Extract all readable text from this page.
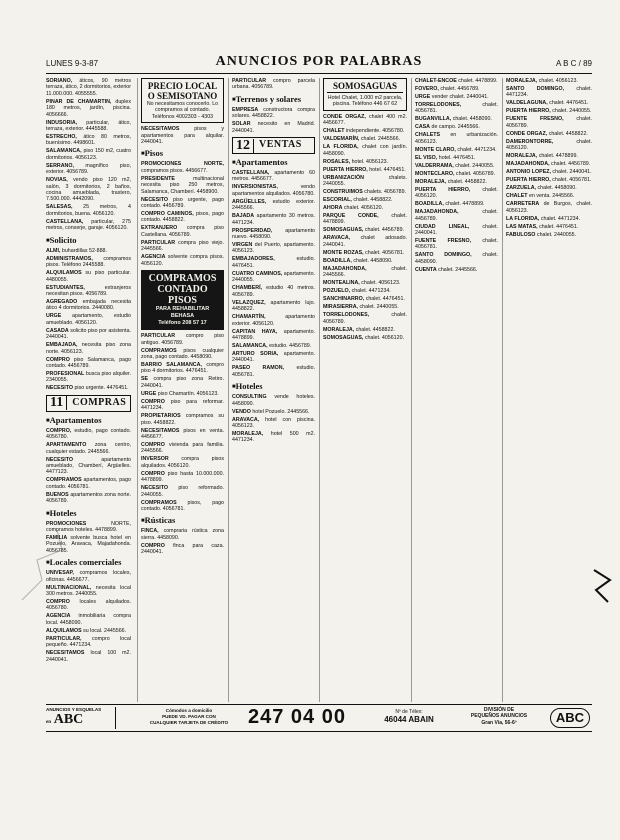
LUNES 9-3-87	ANUNCIOS POR PALABRAS	A B C / 89
SORIANO, áticos, 90 metros terraza, ático, 2 dormitorios, exterior 11.000.000. 4055555.
PINAR DE CHAMARTIN, duplex 180 metros, jardín, piscina. 4056666.
INDUSORIA, particular, ático, terraza, exterior. 4445588.
ESTRECHO, ático 80 metros, buenísimo. 4498601.
SALAMANCA, piso 150 m2, cuatro dormitorios. 4056123.
SERRANO, magnífico piso, exterior. 4056789.
NOVIAS, vendo piso 120 m2, salón, 3 dormitorios, 2 baños, cocina amueblada, trastero, 7.500.000. 4442090.
SALESAS, 25 metros, 4 dormitorios, buena. 4056120.
CASTELLANA, particular, 275 metros, conserje, garaje. 4056120.
■ Solicito
ALMI, buhardillas 52-888.
ADMINISTRAMOS, compramos pisos. Teléfono 2445588.
ALQUILAMOS su piso particular. 4480055.
ESTUDIANTES,	extranjeros necesitan pisos. 4056789.
AGREGADO embajada necesita ático 4 dormitorios. 2440080.
URGE apartamento, estudio amueblado. 4056120.
CASADA solicito piso por asistenta. 2440041.
EMBAJADA, necesita piso zona norte. 4056123.
COMPRO piso Salamanca, pago contado. 4456789.
PROFESIONAL busca piso alquiler. 2340055.
NECESITO piso urgente. 4476451.
11 COMPRAS
■ Apartamentos
COMPRO, estudio, pago contado. 4056780.
APARTAMENTO zona centro, cualquier estado. 2445566.
NECESITO	apartamento amueblado, Chamberí, Argüelles. 4477123.
COMPRAMOS apartamentos, pago contado. 4056781.
BUENOS apartamentos zona norte. 4056789.
■ Hoteles
PROMOCIONES	NORTE, compramos hoteles. 4478899.
FAMILIA solvente busca hotel en Pozuelo, Aravaca, Majadahonda. 4056785.
■ Locales comerciales
UNIVESAP, compramos locales, oficinas. 4456677.
MULTINACIONAL, necesita local 300 metros. 2440055.
COMPRO locales alquilados. 4056780.
AGENCIA inmobiliaria compra local. 4458090.
ALQUILAMOS su local. 2445566.
PARTICULAR, compro local pequeño. 4471234.
NECESITAMOS local 100 m2. 2440041.
PRECIO LOCAL O SEMISOTANO
No necesitamos conocerlo. Lo compramos al contado. Teléfonos 4002303 - 4303
NECESITAMOS	pisos y apartamentos para alquilar. 2440041.
■ Pisos
PROMOCIONES NORTE, compramos pisos. 4456677.
PRESIDENTE	multinacional necesita piso 250 metros, Salamanca, Chamberí. 4458900.
NECESITO piso urgente, pago contado. 4456789.
COMPRO CAMINOS, pisos, pago contado. 4458822.
EXTRANJERO compra piso Castellana. 4056789.
PARTICULAR compra piso viejo. 2445566.
AGENCIA solvente compra pisos. 4056120.
COMPRAMOS CONTADO PISOS
PARA REHABILITAR
BEHASA
Teléfono 208 57 17
PARTICULAR compro piso antiguo. 4056789.
COMPRAMOS pisos cualquier zona, pago contado. 4458090.
BARRIO SALAMANCA, compro piso 4 dormitorios. 4476451.
SE compra piso zona Retiro. 2440041.
URGE piso Chamartín. 4056123.
COMPRO piso para reformar. 4471234.
PROPIETARIOS compramos su piso. 4458822.
NECESITAMOS pisos en venta. 4456677.
COMPRO vivienda para familia. 2445566.
INVERSOR compra pisos alquilados. 4056120.
COMPRO piso hasta 10.000.000. 4478899.
NECESITO piso reformado. 2440055.
COMPRAMOS pisos, pago contado. 4056781.
■ Rústicas
FINCA, compraria rústica zona sierra. 4458090.
COMPRO finca para caza. 2440041.
PARTICULAR compro parcela urbana. 4056789.
■ Terrenos y solares
EMPRESA constructora compra solares. 4458822.
SOLAR necesito en Madrid. 2440041.
12 VENTAS
■ Apartamentos
CASTELLANA, apartamento 60 metros. 4456677.
INVERSIONISTAS,	vendo apartamentos alquilados. 4056780.
ARGÜELLES, estudio exterior. 2445566.
BAJADA apartamento 30 metros. 4471234.
PROSPERIDAD, apartamento nuevo. 4458090.
VIRGEN del Puerto, apartamento. 4056123.
EMBAJADORES,	estudio. 4476451.
CUATRO CAMINOS, apartamento. 2440055.
CHAMBERÍ, estudio 40 metros. 4056789.
VELAZQUEZ, apartamento lujo. 4458822.
CHAMARTÍN,	apartamento exterior. 4056120.
CAPITAN HAYA, apartamento. 4478899.
SALAMANCA, estudio. 4456789.
ARTURO SORIA, apartamento. 2440041.
PASEO RAMON, estudio. 4056781.
■ Hoteles
CONSULTING vende hoteles. 4458090.
VENDO hotel Pozuelo. 2445566.
ARAVACA, hotel con piscina. 4056123.
MORALEJA, hotel 500 m2. 4471234.
SOMOSAGUAS
Hotel Chalet, 1.000 m2 parcela, piscina. Teléfono 446 67 62
CONDE ORGAZ, chalet 400 m2. 4456677.
CHALET independiente. 4056780.
VALDEMARÍN, chalet. 2445566.
LA FLORIDA, chalet con jardín. 4458090.
ROSALES, hotel. 4056123.
PUERTA HIERRO, hotel. 4476451.
URBANIZACIÓN	chalets. 2440055.
CONSTRUIMOS chalets. 4056789.
ESCORIAL, chalet. 4458822.
AHORA chalet. 4056120.
PARQUE CONDE, chalet. 4478899.
SOMOSAGUAS, chalet. 4456789.
ARAVACA, chalet adosado. 2440041.
MONTE ROZAS, chalet. 4056781.
BOADILLA, chalet. 4458090.
MAJADAHONDA,	chalet. 2445566.
MONTEALINA, chalet. 4056123.
POZUELO, chalet. 4471234.
SANCHINARRO, chalet. 4476451.
MIRASIERRA, chalet. 2440055.
TORRELODONES,	chalet. 4056789.
MORALEJA, chalet. 4458822.
SOMOSAGUAS, chalet. 4056120.
CHALET-ENCOE chalet. 4478899.
FOVERO, chalet. 4456789.
URGE vender chalet. 2440041.
TORRELODONES,	chalet. 4056781.
BUGANVILLA, chalet. 4458090.
CASA de campo. 2445566.
CHALETS en urbanización. 4056123.
MONTE CLARO, chalet. 4471234.
EL VISO, hotel. 4476451.
VALDERRAMA, chalet. 2440055.
MONTECLARO, chalet. 4056789.
MORALEJA, chalet. 4458822.
PUERTA HIERRO, chalet. 4056120.
BOADILLA, chalet. 4478899.
MAJADAHONDA,	chalet. 4456789.
CIUDAD LINEAL, chalet. 2440041.
FUENTE FRESNO, chalet. 4056781.
SANTO DOMINGO, chalet. 4458090.
CUENTA chalet. 2445566.
MORALEJA, chalet. 4056123.
SANTO DOMINGO, chalet. 4471234.
VALDELAGUNA, chalet. 4476451.
PUERTA HIERRO, chalet. 2440055.
FUENTE FRESNO, chalet. 4056789.
CONDE ORGAZ, chalet. 4458822.
DAMERONTORRE,	chalet. 4056120.
MORALEJA, chalet. 4478899.
MAJADAHONDA, chalet. 4456789.
ANTONIO LOPEZ, chalet. 2440041.
PUERTA HIERRO, chalet. 4056781.
ZARZUELA, chalet. 4458090.
CHALET en venta. 2445566.
CARRETERA de Burgos, chalet. 4056123.
LA FLORIDA, chalet. 4471234.
LAS MATAS, chalet. 4476451.
FABULOSO chalet. 2440055.
ANUNCIOS Y ESQUELAS
en ABC
Cómodos a domicilio
PUEDE VD. PAGAR CON
CUALQUIER TARJETA DE CRÉDITO 247 04 00	Nº de Télex:
46044 ABAIN
DIVISIÓN DE
PEQUEÑOS ANUNCIOS
Gran Vía, 56-6º	ABC
